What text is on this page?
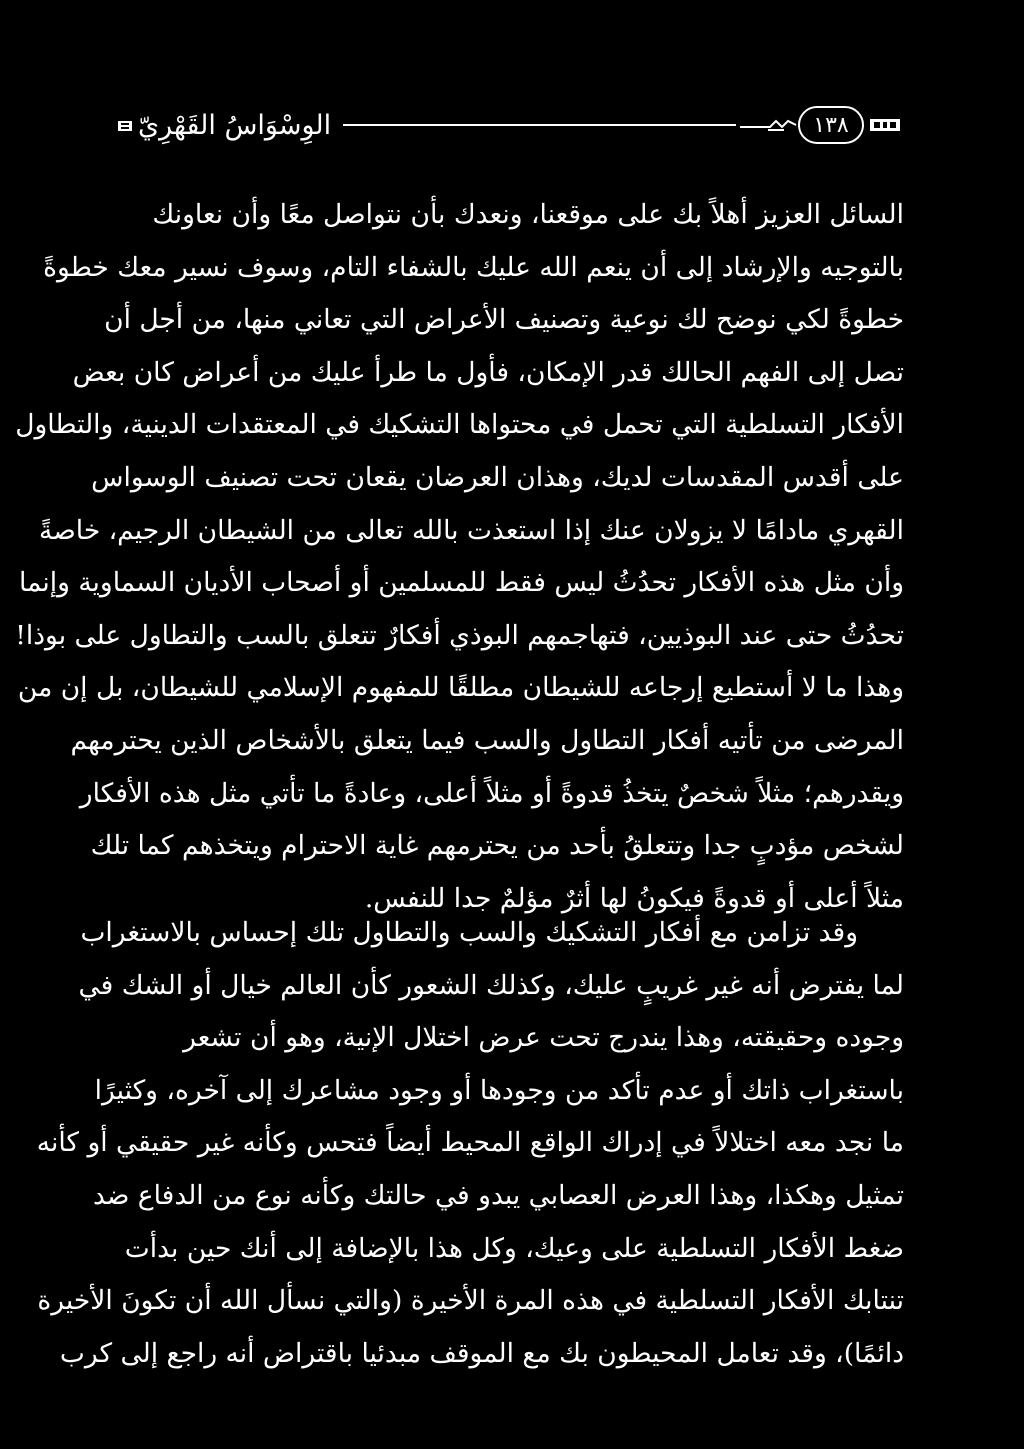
الوِسْوَاسُ القَهْرِيّ	١٣٨
السائل العزيز أهلاً بك على موقعنا، ونعدك بأن نتواصل معًا وأن نعاونك
بالتوجيه والإرشاد إلى أن ينعم الله عليك بالشفاء التام، وسوف نسير معك خطوةً
خطوةً لكي نوضح لك نوعية وتصنيف الأعراض التي تعاني منها، من أجل أن
تصل إلى الفهم الحالك قدر الإمكان، فأول ما طرأ عليك من أعراض كان بعض
الأفكار التسلطية التي تحمل في محتواها التشكيك في المعتقدات الدينية، والتطاول
على أقدس المقدسات لديك، وهذان العرضان يقعان تحت تصنيف الوسواس
القهري مادامًا لا يزولان عنك إذا استعذت بالله تعالى من الشيطان الرجيم، خاصةً
وأن مثل هذه الأفكار تحدُثُ ليس فقط للمسلمين أو أصحاب الأديان السماوية وإنما
تحدُثُ حتى عند البوذيين، فتهاجمهم البوذي أفكارٌ تتعلق بالسب والتطاول على بوذا!
وهذا ما لا أستطيع إرجاعه للشيطان مطلقًا للمفهوم الإسلامي للشيطان، بل إن من
المرضى من تأتيه أفكار التطاول والسب فيما يتعلق بالأشخاص الذين يحترمهم
ويقدرهم؛ مثلاً شخصٌ يتخذُ قدوةً أو مثلاً أعلى، وعادةً ما تأتي مثل هذه الأفكار
لشخص مؤدبٍ جدا وتتعلقُ بأحد من يحترمهم غاية الاحترام ويتخذهم كما تلك
مثلاً أعلى أو قدوةً فيكونُ لها أثرٌ مؤلمٌ جدا للنفس.
وقد تزامن مع أفكار التشكيك والسب والتطاول تلك إحساس بالاستغراب
لما يفترض أنه غير غريبٍ عليك، وكذلك الشعور كأن العالم خيال أو الشك في
وجوده وحقيقته، وهذا يندرج تحت عرض اختلال الإنية، وهو أن تشعر
باستغراب ذاتك أو عدم تأكد من وجودها أو وجود مشاعرك إلى آخره، وكثيرًا
ما نجد معه اختلالاً في إدراك الواقع المحيط أيضاً فتحس وكأنه غير حقيقي أو كأنه
تمثيل وهكذا، وهذا العرض العصابي يبدو في حالتك وكأنه نوع من الدفاع ضد
ضغط الأفكار التسلطية على وعيك، وكل هذا بالإضافة إلى أنك حين بدأت
تنتابك الأفكار التسلطية في هذه المرة الأخيرة (والتي نسأل الله أن تكونَ الأخيرة
دائمًا)، وقد تعامل المحيطون بك مع الموقف مبدئيا باقتراض أنه راجع إلى كرب
